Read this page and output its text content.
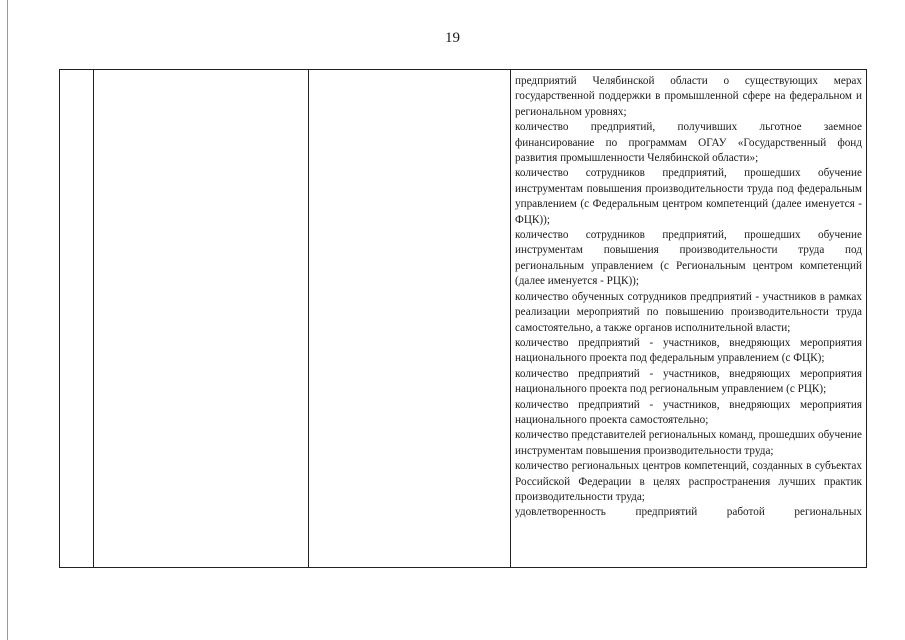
19

предприятий Челябинской области о существующих мерах государственной поддержки в промышленной сфере на федеральном и региональном уровнях;

количество предприятий, получивших льготное заемное финансирование по программам ОГАУ «Государственный фонд развития промышленности Челябинской области»;

количество сотрудников предприятий, прошедших обучение инструментам повышения производительности труда под федеральным управлением (с Федеральным центром компетенций (далее именуется - ФЦК));

количество сотрудников предприятий, прошедших обучение инструментам повышения производительности труда под региональным управлением (с Региональным центром компетенций (далее именуется - РЦК));

количество обученных сотрудников предприятий - участников в рамках реализации мероприятий по повышению производительности труда самостоятельно, а также органов исполнительной власти;

количество предприятий - участников, внедряющих мероприятия национального проекта под федеральным управлением (с ФЦК);

количество предприятий - участников, внедряющих мероприятия национального проекта под региональным управлением (с РЦК);

количество предприятий - участников, внедряющих мероприятия национального проекта самостоятельно;

количество представителей региональных команд, прошедших обучение инструментам повышения производительности труда;

количество региональных центров компетенций, созданных в субъектах Российской Федерации в целях распространения лучших практик производительности труда;

удовлетворенность предприятий работой региональных
